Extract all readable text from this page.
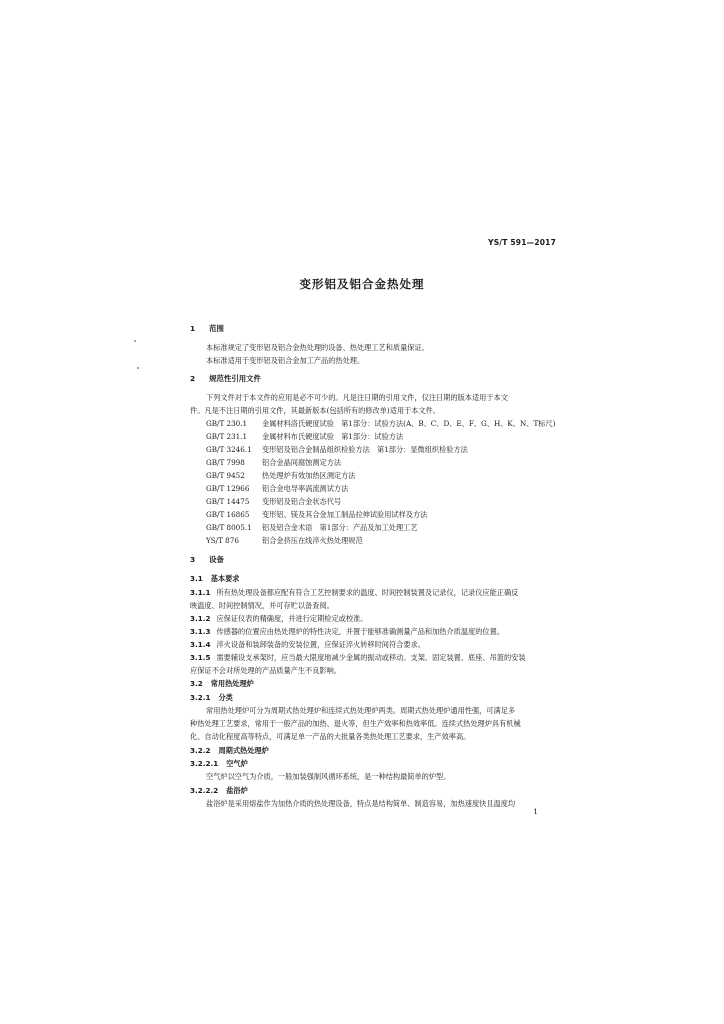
YS/T 591—2017
变形铝及铝合金热处理
1 范围
本标准规定了变形铝及铝合金热处理的设备、热处理工艺和质量保证。
本标准适用于变形铝及铝合金加工产品的热处理。
2 规范性引用文件
下列文件对于本文件的应用是必不可少的。凡是注日期的引用文件，仅注日期的版本适用于本文
件。凡是不注日期的引用文件，其最新版本(包括所有的修改单)适用于本文件。
GB/T 230.1 金属材料洛氏硬度试验　第1部分：试验方法(A、B、C、D、E、F、G、H、K、N、T标尺)
GB/T 231.1 金属材料布氏硬度试验　第1部分：试验方法
GB/T 3246.1 变形铝及铝合金制品组织检验方法　第1部分：显微组织检验方法
GB/T 7998 铝合金晶间腐蚀测定方法
GB/T 9452 热处理炉有效加热区测定方法
GB/T 12966 铝合金电导率涡流测试方法
GB/T 14475 变形铝及铝合金状态代号
GB/T 16865 变形铝、镁及其合金加工制品拉伸试验用试样及方法
GB/T 8005.1 铝及铝合金术语　第1部分：产品及加工处理工艺
YS/T 876	铝合金挤压在线淬火热处理规范
3 设备
3.1 基本要求
3.1.1 所有热处理设备都应配有符合工艺控制要求的温度、时间控制装置及记录仪，记录仪应能正确反
映温度、时间控制情况，并可存贮以备查阅。
3.1.2 应保证仪表的精确度，并进行定期检定或校准。
3.1.3 传感器的位置应由热处理炉的特性决定，并置于能够准确测量产品和加热介质温度的位置。
3.1.4 淬火设备和装卸装备的安装位置，应保证淬火转移时间符合要求。
3.1.5 需要辅设支承架时，应当最大限度地减少金属的振动或移动。支架、固定装置、底座、吊篮的安装
应保证不会对所处理的产品质量产生不良影响。
3.2 常用热处理炉
3.2.1 分类
常用热处理炉可分为周期式热处理炉和连续式热处理炉两类。周期式热处理炉通用性强，可满足多
种热处理工艺要求，常用于一般产品的加热、退火等，但生产效率和热效率低。连续式热处理炉具有机械
化、自动化程度高等特点，可满足单一产品的大批量各类热处理工艺要求，生产效率高。
3.2.2 周期式热处理炉
3.2.2.1 空气炉
空气炉以空气为介质，一般加装强制风循环系统，是一种结构最简单的炉型。
3.2.2.2 盐浴炉
盐浴炉是采用熔盐作为加热介质的热处理设备，特点是结构简单、制造容易，加热速度快且温度均
1
